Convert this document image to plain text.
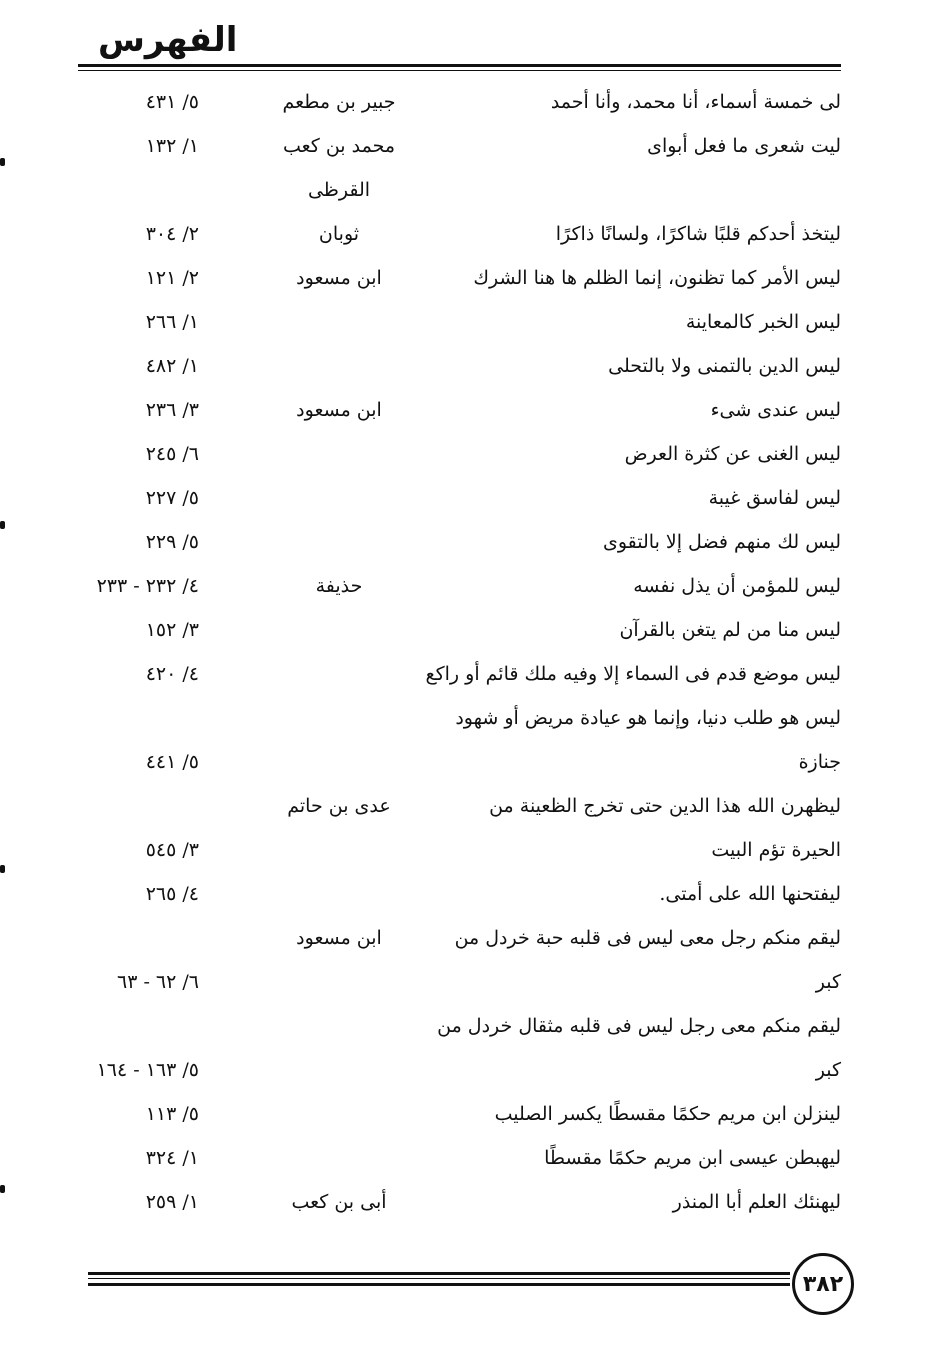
الفهرس
لى خمسة أسماء، أنا محمد، وأنا أحمد
جبير بن مطعم
٥/ ٤٣١
ليت شعرى ما فعل أبواى
محمد بن كعب
١/ ١٣٢
القرظى
ليتخذ أحدكم قلبًا شاكرًا، ولسانًا ذاكرًا
ثوبان
٢/ ٣٠٤
ليس الأمر كما تظنون، إنما الظلم ها هنا الشرك
ابن مسعود
٢/ ١٢١
ليس الخبر كالمعاينة
١/ ٢٦٦
ليس الدين بالتمنى ولا بالتحلى
١/ ٤٨٢
ليس عندى شىء
ابن مسعود
٣/ ٢٣٦
ليس الغنى عن كثرة العرض
٦/ ٢٤٥
ليس لفاسق غيبة
٥/ ٢٢٧
ليس لك منهم فضل إلا بالتقوى
٥/ ٢٢٩
ليس للمؤمن أن يذل نفسه
حذيفة
٤/ ٢٣٢ - ٢٣٣
ليس منا من لم يتغن بالقرآن
٣/ ١٥٢
ليس موضع قدم فى السماء إلا وفيه ملك قائم أو راكع
٤/ ٤٢٠
ليس هو طلب دنيا، وإنما هو عيادة مريض أو شهود
جنازة
٥/ ٤٤١
ليظهرن الله هذا الدين حتى تخرج الظعينة من
عدى بن حاتم
الحيرة تؤم البيت
٣/ ٥٤٥
ليفتحنها الله على أمتى.
٤/ ٢٦٥
ليقم منكم رجل معى ليس فى قلبه حبة خردل من
ابن مسعود
كبر
٦/ ٦٢ - ٦٣
ليقم منكم معى رجل ليس فى قلبه مثقال خردل من
كبر
٥/ ١٦٣ - ١٦٤
لينزلن ابن مريم حكمًا مقسطًا يكسر الصليب
٥/ ١١٣
ليهبطن عيسى ابن مريم حكمًا مقسطًا
١/ ٣٢٤
ليهنئك العلم أبا المنذر
أبى بن كعب
١/ ٢٥٩
٣٨٢
